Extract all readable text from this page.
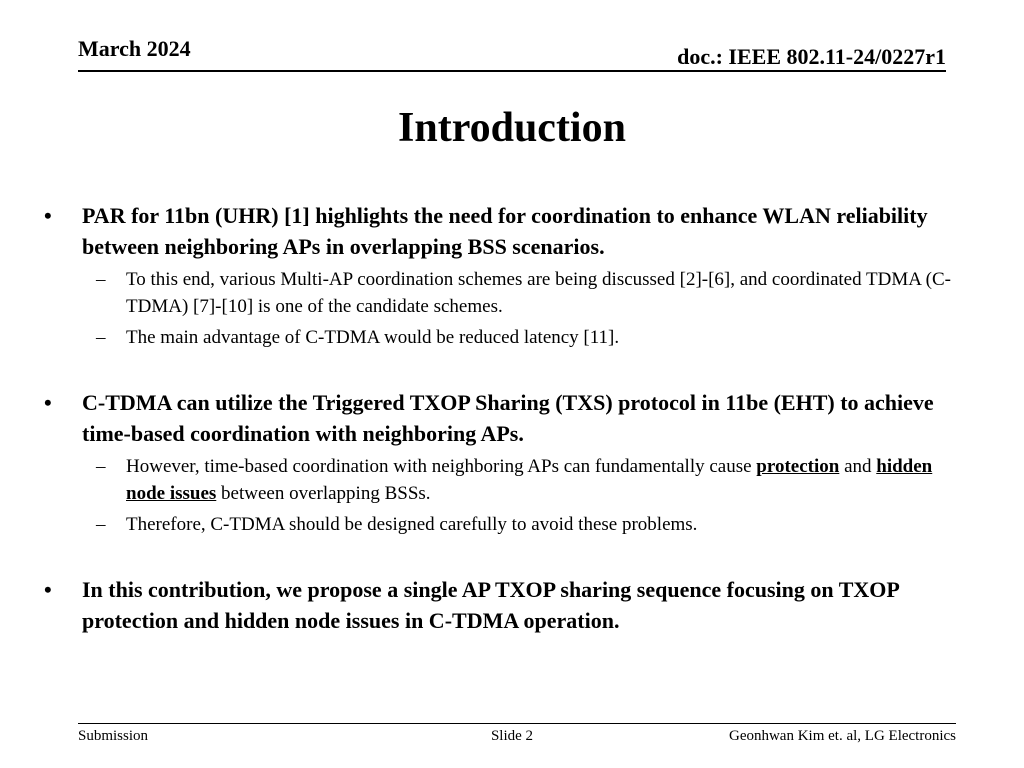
March 2024	doc.: IEEE 802.11-24/0227r1
Introduction
• PAR for 11bn (UHR) [1] highlights the need for coordination to enhance WLAN reliability between neighboring APs in overlapping BSS scenarios.
– To this end, various Multi-AP coordination schemes are being discussed [2]-[6], and coordinated TDMA (C-TDMA) [7]-[10] is one of the candidate schemes.
– The main advantage of C-TDMA would be reduced latency [11].
• C-TDMA can utilize the Triggered TXOP Sharing (TXS) protocol in 11be (EHT) to achieve time-based coordination with neighboring APs.
– However, time-based coordination with neighboring APs can fundamentally cause protection and hidden node issues between overlapping BSSs.
– Therefore, C-TDMA should be designed carefully to avoid these problems.
• In this contribution, we propose a single AP TXOP sharing sequence focusing on TXOP protection and hidden node issues in C-TDMA operation.
Submission	Slide 2	Geonhwan Kim et. al, LG Electronics
